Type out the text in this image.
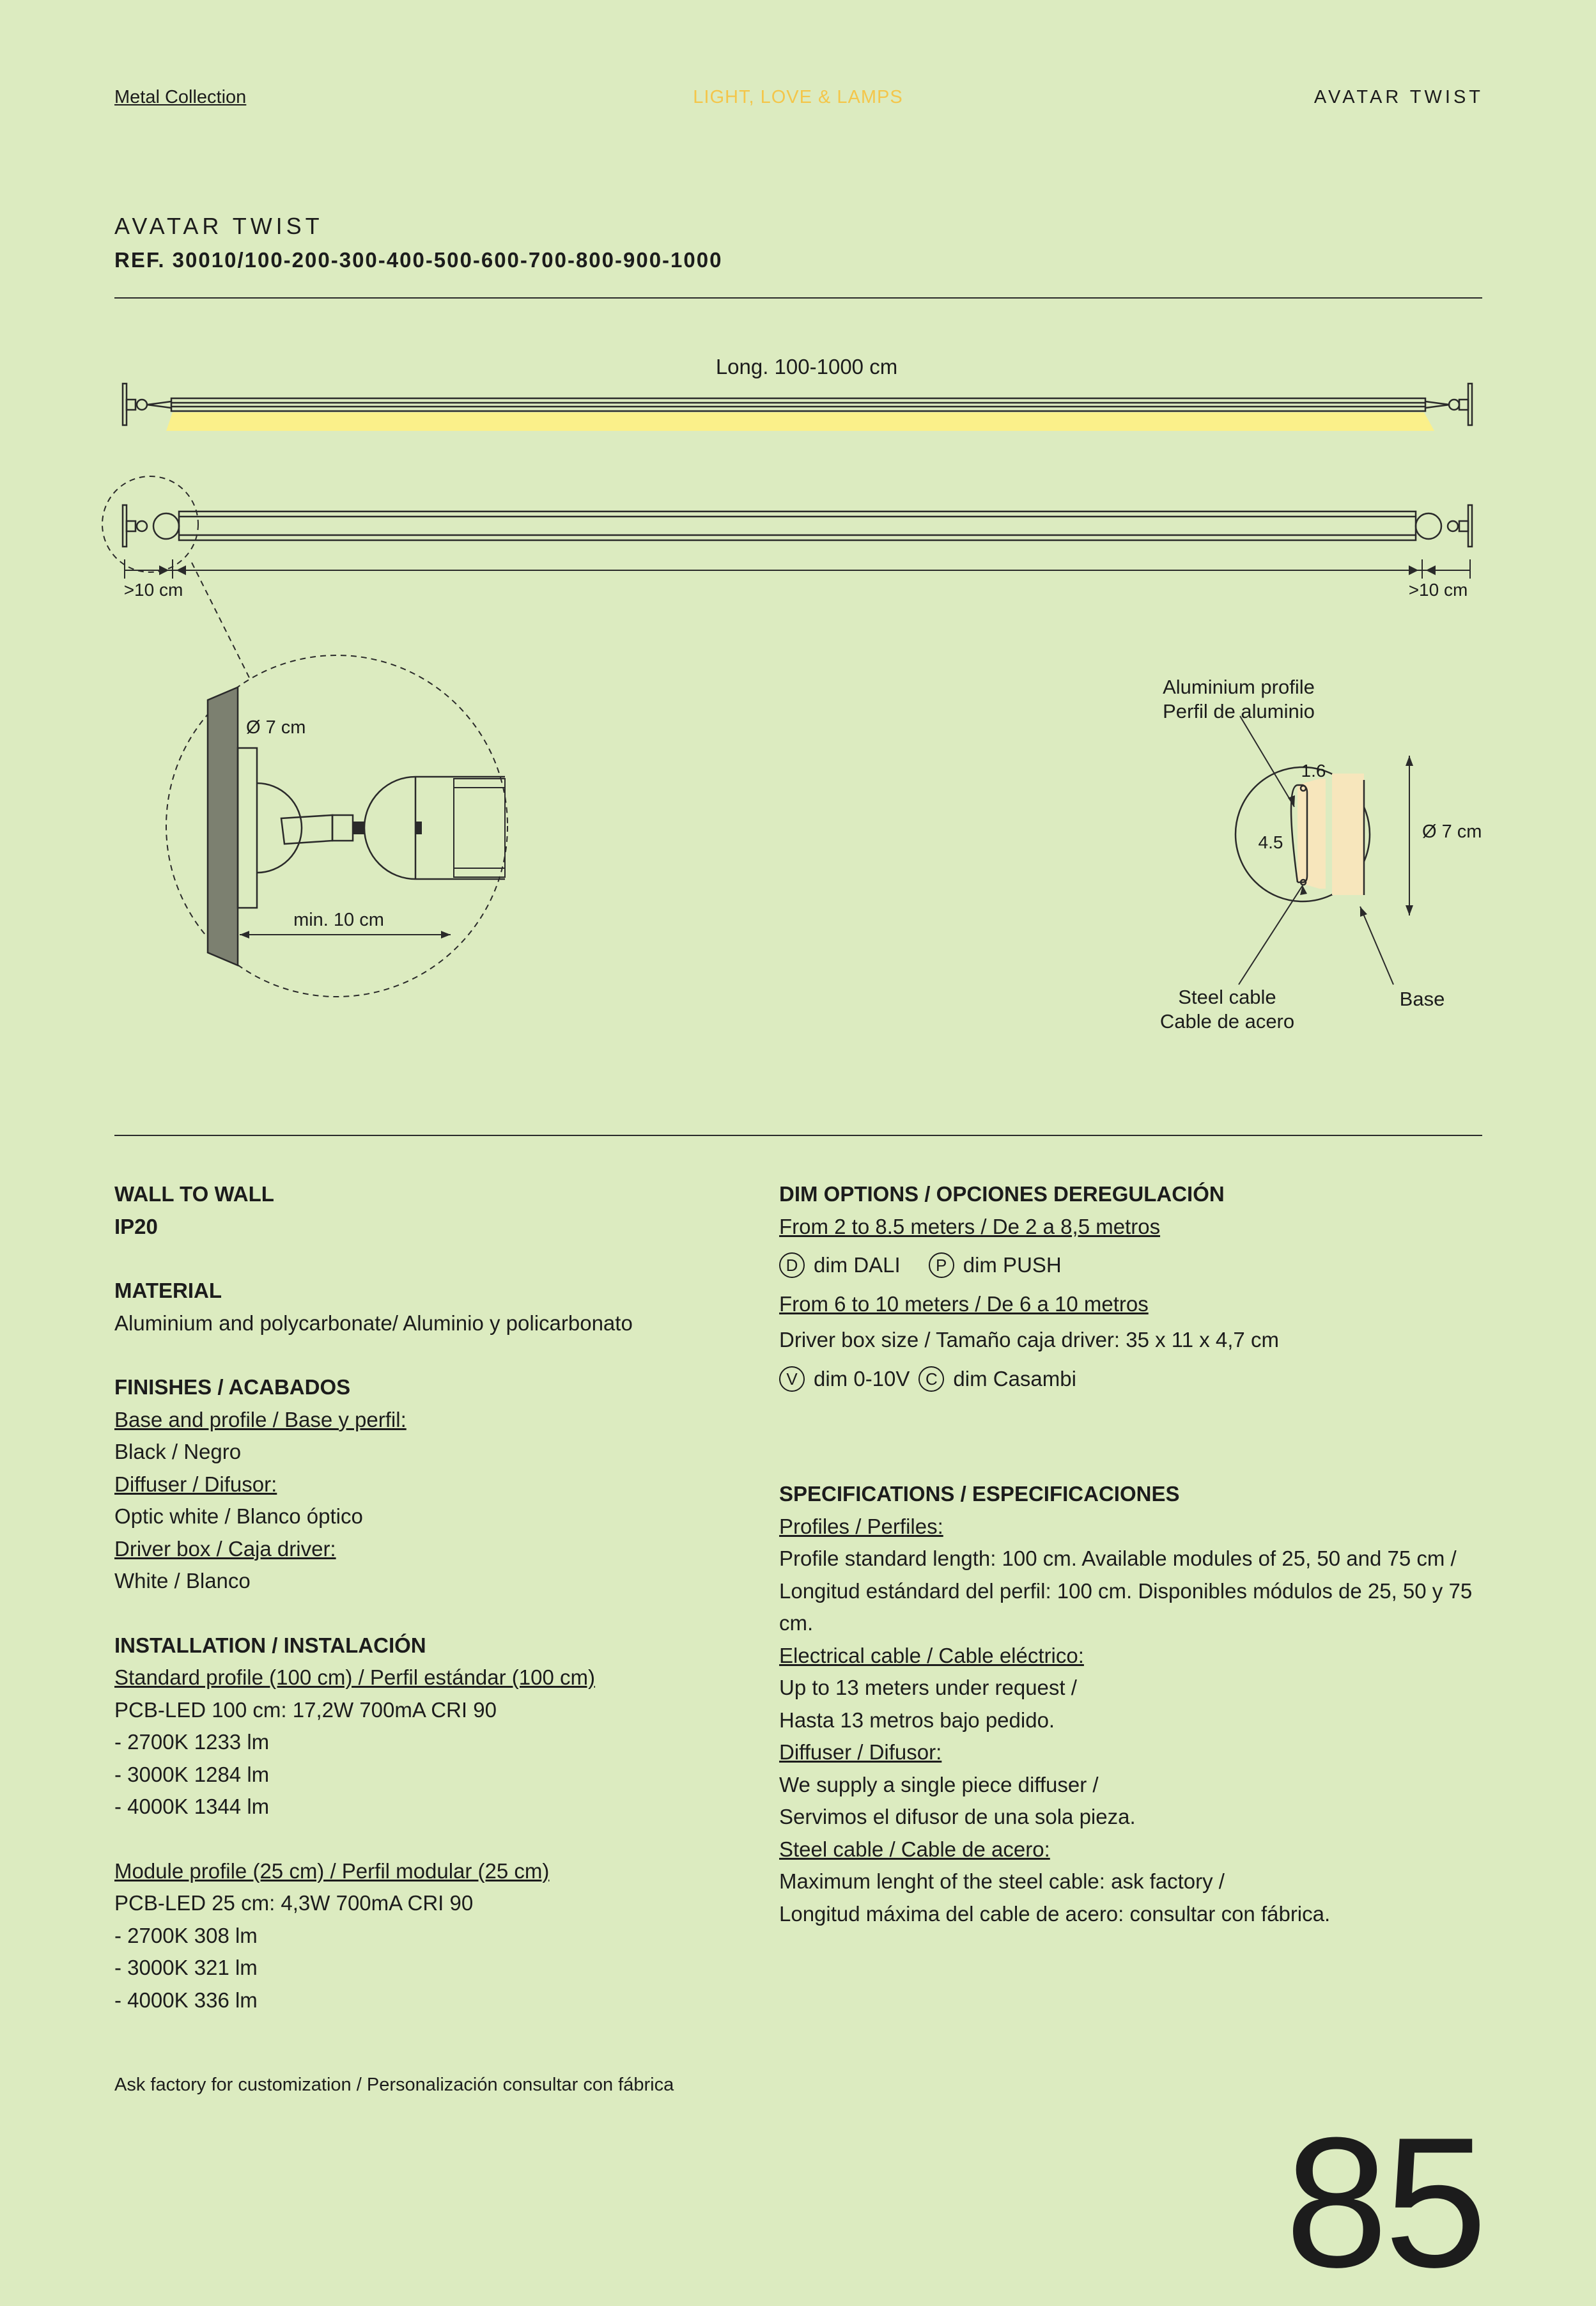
Metal Collection	LIGHT, LOVE & LAMPS	AVATAR TWIST
AVATAR TWIST
REF. 30010/100-200-300-400-500-600-700-800-900-1000
Long. 100-1000 cm
>10 cm	>10 cm
Ø 7 cm
min. 10 cm
Aluminium profile
Perfil de aluminio
1.6
4.5
Ø 7 cm
Steel cable
Cable de acero
Base
WALL TO WALL
IP20
MATERIAL
Aluminium and polycarbonate/ Aluminio y policarbonato
FINISHES / ACABADOS
Base and profile / Base y perfil:
Black / Negro
Diffuser / Difusor:
Optic white / Blanco óptico
Driver box / Caja driver:
White / Blanco
INSTALLATION / INSTALACIÓN
Standard profile (100 cm) / Perfil estándar (100 cm)
PCB-LED 100 cm: 17,2W 700mA CRI 90
- 2700K 1233 lm
- 3000K 1284 lm
- 4000K 1344 lm
Module profile (25 cm) / Perfil modular (25 cm)
PCB-LED 25 cm: 4,3W 700mA CRI 90
- 2700K 308 lm
- 3000K 321 lm
- 4000K 336 lm
DIM OPTIONS / OPCIONES DEREGULACIÓN
From 2 to 8.5 meters / De 2 a 8,5 metros
D dim DALI	P dim PUSH
From 6 to 10 meters / De 6 a 10 metros
Driver box size / Tamaño caja driver: 35 x 11 x 4,7 cm
V dim 0-10V C dim Casambi
SPECIFICATIONS / ESPECIFICACIONES
Profiles / Perfiles:
Profile standard length: 100 cm. Available modules of 25, 50 and 75 cm /
Longitud estándard del perfil: 100 cm. Disponibles módulos de 25, 50 y 75 cm.
Electrical cable / Cable eléctrico:
Up to 13 meters under request /
Hasta 13 metros bajo pedido.
Diffuser / Difusor:
We supply a single piece diffuser /
Servimos el difusor de una sola pieza.
Steel cable / Cable de acero:
Maximum lenght of the steel cable: ask factory /
Longitud máxima del cable de acero: consultar con fábrica.
Ask factory for customization / Personalización consultar con fábrica
85
